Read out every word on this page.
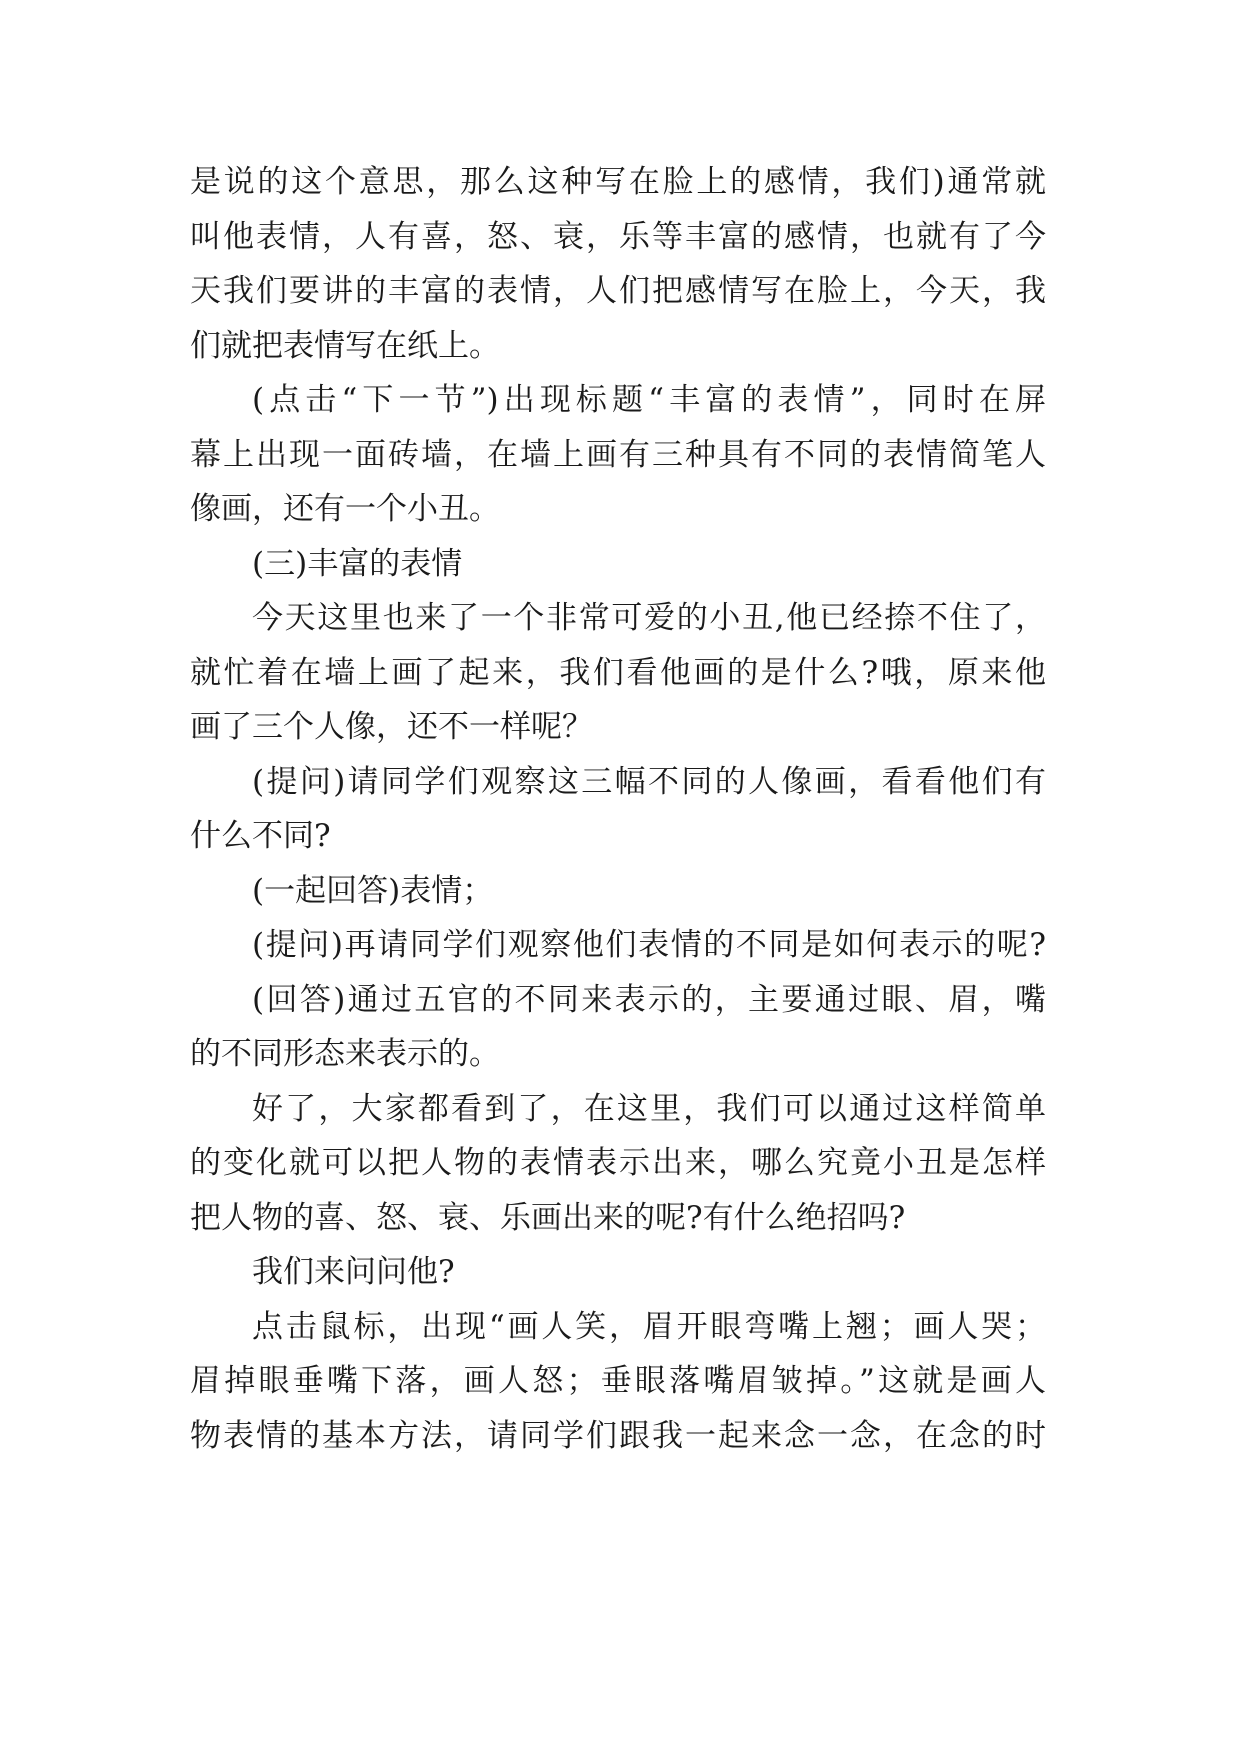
是说的这个意思，那么这种写在脸上的感情，我们)通常就
叫他表情，人有喜，怒、衰，乐等丰富的感情，也就有了今
天我们要讲的丰富的表情，人们把感情写在脸上，今天，我
们就把表情写在纸上。
(点击“下一节”)出现标题“丰富的表情”，同时在屏
幕上出现一面砖墙，在墙上画有三种具有不同的表情简笔人
像画，还有一个小丑。
(三)丰富的表情
今天这里也来了一个非常可爱的小丑,他已经捺不住了，
就忙着在墙上画了起来，我们看他画的是什么?哦，原来他
画了三个人像，还不一样呢？
(提问)请同学们观察这三幅不同的人像画，看看他们有
什么不同?
(一起回答)表情；
(提问)再请同学们观察他们表情的不同是如何表示的呢?
(回答)通过五官的不同来表示的，主要通过眼、眉，嘴
的不同形态来表示的。
好了，大家都看到了，在这里，我们可以通过这样简单
的变化就可以把人物的表情表示出来，哪么究竟小丑是怎样
把人物的喜、怒、衰、乐画出来的呢?有什么绝招吗?
我们来问问他?
点击鼠标，出现“画人笑，眉开眼弯嘴上翘；画人哭；
眉掉眼垂嘴下落，画人怒；垂眼落嘴眉皱掉。”这就是画人
物表情的基本方法，请同学们跟我一起来念一念，在念的时
